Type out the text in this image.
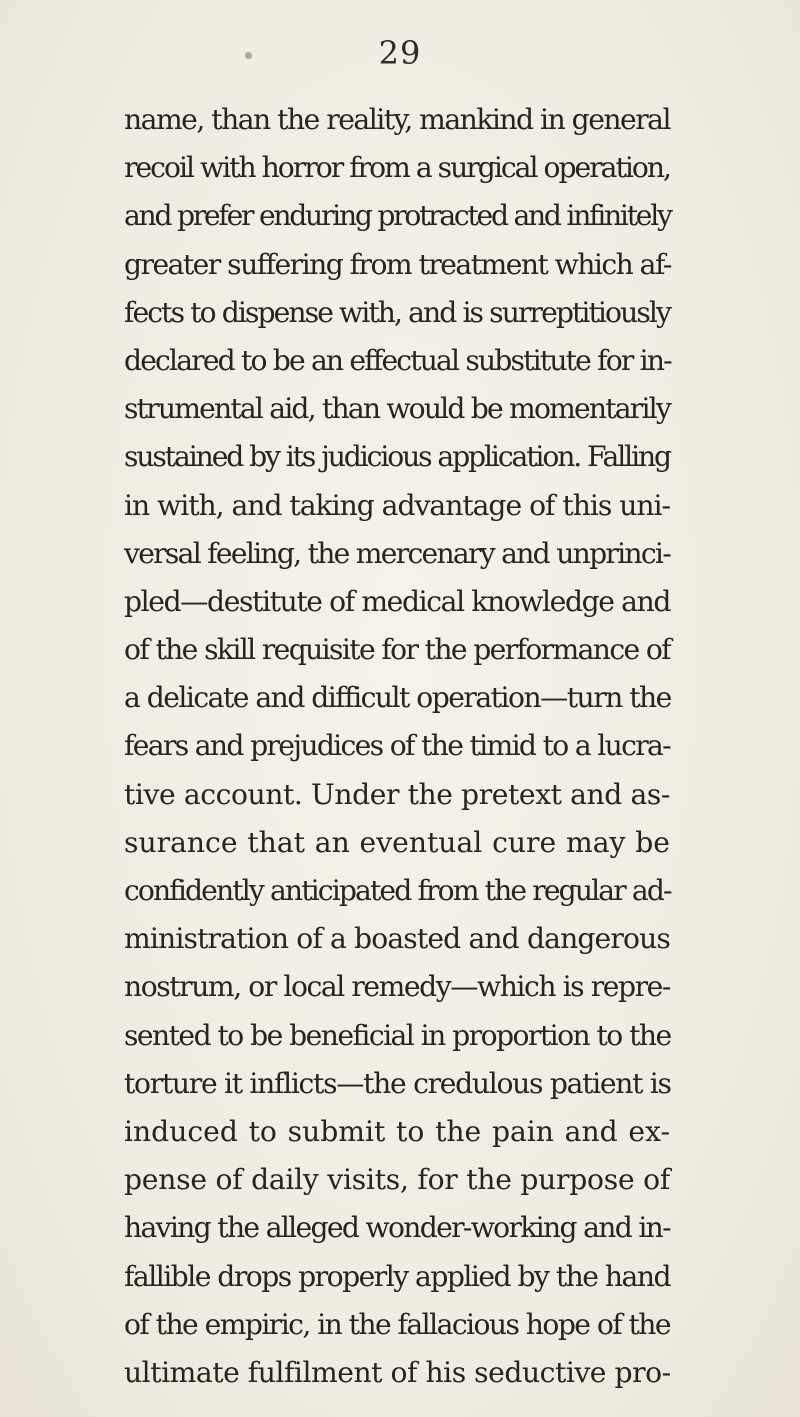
29
name, than the reality, mankind in general
recoil with horror from a surgical operation,
and prefer enduring protracted and infinitely
greater suffering from treatment which af-
fects to dispense with, and is surreptitiously
declared to be an effectual substitute for in-
strumental aid, than would be momentarily
sustained by its judicious application. Falling
in with, and taking advantage of this uni-
versal feeling, the mercenary and unprinci-
pled—destitute of medical knowledge and
of the skill requisite for the performance of
a delicate and difficult operation—turn the
fears and prejudices of the timid to a lucra-
tive account. Under the pretext and as-
surance that an eventual cure may be
confidently anticipated from the regular ad-
ministration of a boasted and dangerous
nostrum, or local remedy—which is repre-
sented to be beneficial in proportion to the
torture it inflicts—the credulous patient is
induced to submit to the pain and ex-
pense of daily visits, for the purpose of
having the alleged wonder-working and in-
fallible drops properly applied by the hand
of the empiric, in the fallacious hope of the
ultimate fulfilment of his seductive pro-
